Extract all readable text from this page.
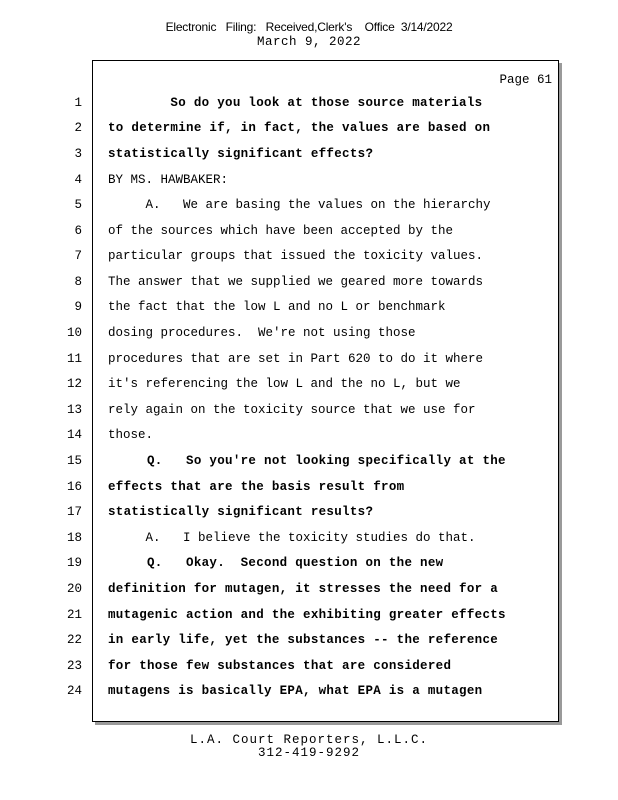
Electronic   Filing:   Received,Clerk's    Office  3/14/2022
March 9, 2022
Page 61
1 So do you look at those source materials
2 to determine if, in fact, the values are based on
3 statistically significant effects?
4 BY MS. HAWBAKER:
5 A.   We are basing the values on the hierarchy
6 of the sources which have been accepted by the
7 particular groups that issued the toxicity values.
8 The answer that we supplied we geared more towards
9 the fact that the low L and no L or benchmark
10 dosing procedures.  We're not using those
11 procedures that are set in Part 620 to do it where
12 it's referencing the low L and the no L, but we
13 rely again on the toxicity source that we use for
14 those.
15 Q.   So you're not looking specifically at the
16 effects that are the basis result from
17 statistically significant results?
18 A.   I believe the toxicity studies do that.
19 Q.   Okay.  Second question on the new
20 definition for mutagen, it stresses the need for a
21 mutagenic action and the exhibiting greater effects
22 in early life, yet the substances -- the reference
23 for those few substances that are considered
24 mutagens is basically EPA, what EPA is a mutagen
L.A. Court Reporters, L.L.C.
312-419-9292
